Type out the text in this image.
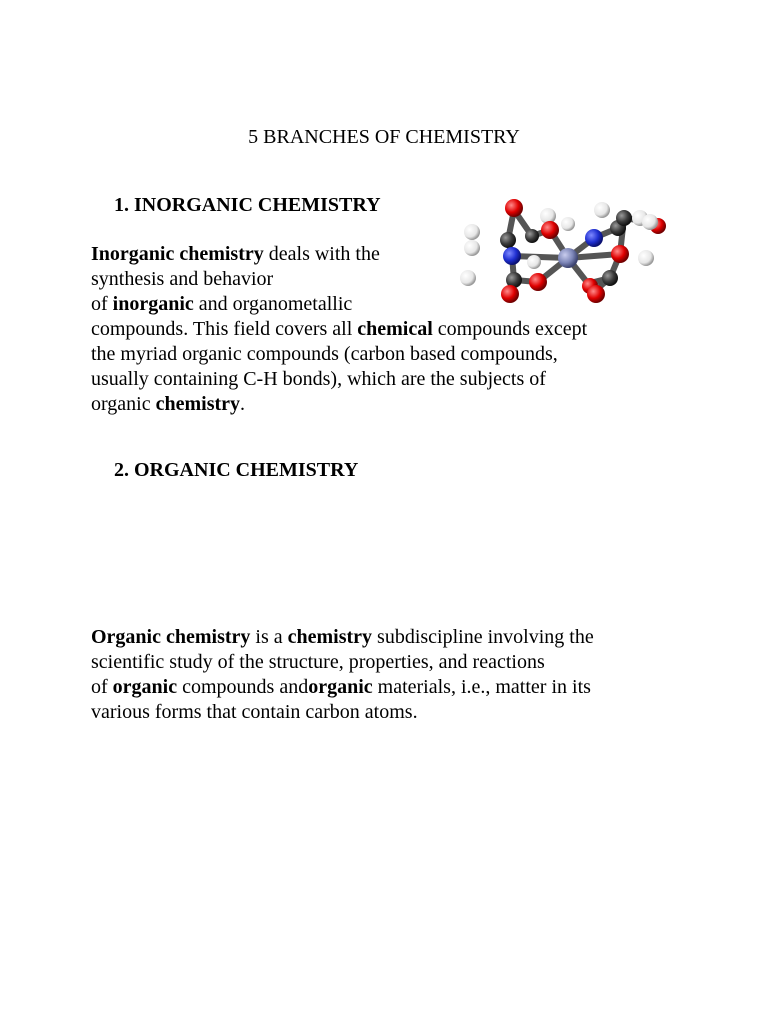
5 BRANCHES OF CHEMISTRY
1. INORGANIC CHEMISTRY
Inorganic chemistry deals with the
synthesis and behavior
of inorganic and organometallic
compounds. This field covers all chemical compounds except
the myriad organic compounds (carbon based compounds,
usually containing C-H bonds), which are the subjects of
organic chemistry.
2. ORGANIC CHEMISTRY
Organic chemistry is a chemistry subdiscipline involving the
scientific study of the structure, properties, and reactions
of organic compounds andorganic materials, i.e., matter in its
various forms that contain carbon atoms.
